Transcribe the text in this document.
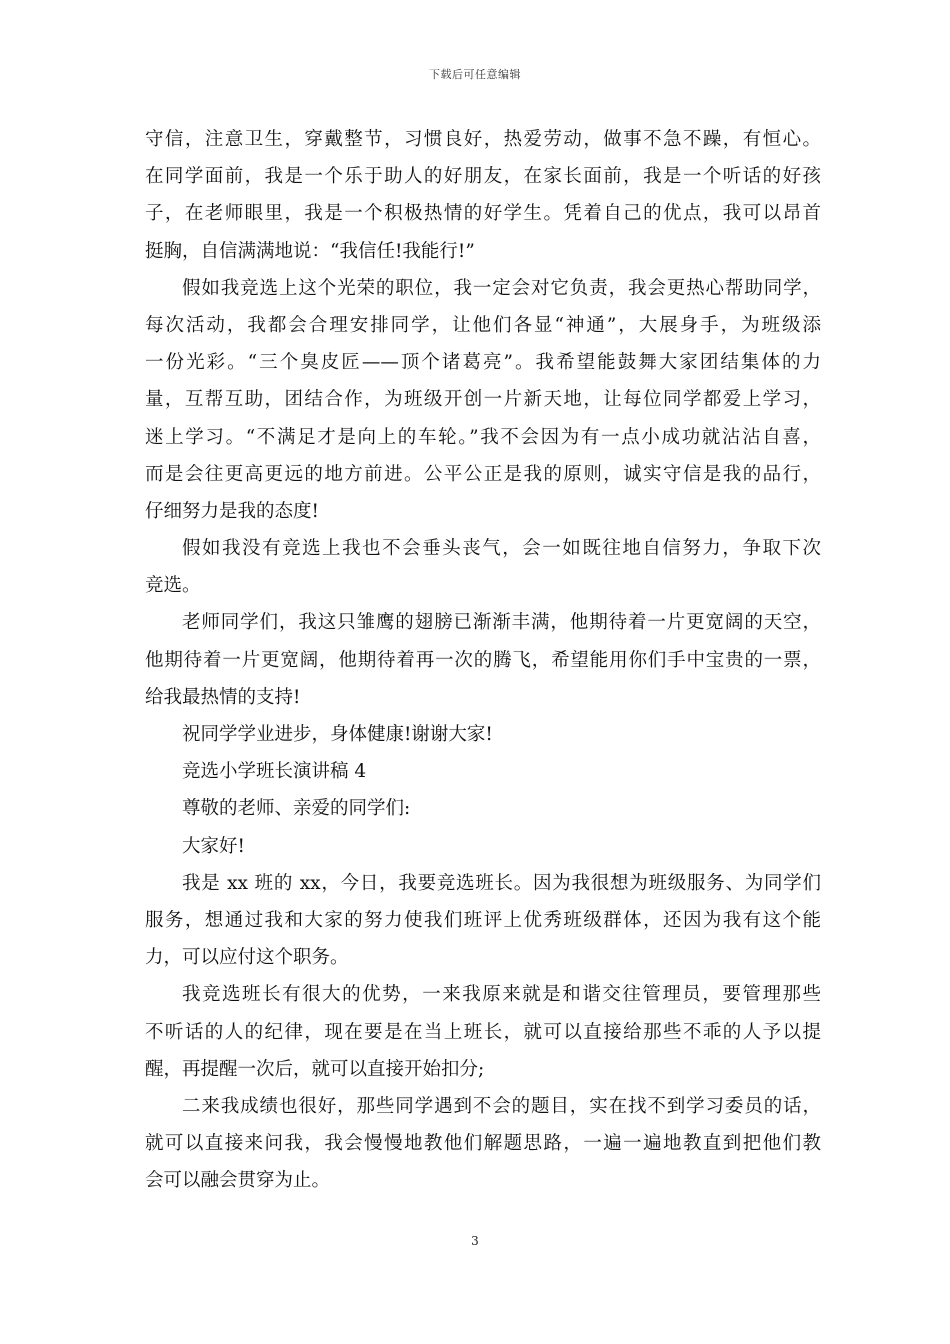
下载后可任意编辑
守信，注意卫生，穿戴整节，习惯良好，热爱劳动，做事不急不躁，有恒心。
在同学面前，我是一个乐于助人的好朋友，在家长面前，我是一个听话的好孩
子，在老师眼里，我是一个积极热情的好学生。凭着自己的优点，我可以昂首
挺胸，自信满满地说：“我信任!我能行!”
假如我竞选上这个光荣的职位，我一定会对它负责，我会更热心帮助同学，
每次活动，我都会合理安排同学，让他们各显“神通”，大展身手，为班级添
一份光彩。“三个臭皮匠——顶个诸葛亮”。我希望能鼓舞大家团结集体的力
量，互帮互助，团结合作，为班级开创一片新天地，让每位同学都爱上学习，
迷上学习。“不满足才是向上的车轮。”我不会因为有一点小成功就沾沾自喜，
而是会往更高更远的地方前进。公平公正是我的原则，诚实守信是我的品行，
仔细努力是我的态度!
假如我没有竞选上我也不会垂头丧气，会一如既往地自信努力，争取下次
竞选。
老师同学们，我这只雏鹰的翅膀已渐渐丰满，他期待着一片更宽阔的天空，
他期待着一片更宽阔，他期待着再一次的腾飞，希望能用你们手中宝贵的一票，
给我最热情的支持!
祝同学学业进步，身体健康!谢谢大家!
竞选小学班长演讲稿 4
尊敬的老师、亲爱的同学们:
大家好!
我是 xx 班的 xx，今日，我要竞选班长。因为我很想为班级服务、为同学们
服务，想通过我和大家的努力使我们班评上优秀班级群体，还因为我有这个能
力，可以应付这个职务。
我竞选班长有很大的优势，一来我原来就是和谐交往管理员，要管理那些
不听话的人的纪律，现在要是在当上班长，就可以直接给那些不乖的人予以提
醒，再提醒一次后，就可以直接开始扣分;
二来我成绩也很好，那些同学遇到不会的题目，实在找不到学习委员的话，
就可以直接来问我，我会慢慢地教他们解题思路，一遍一遍地教直到把他们教
会可以融会贯穿为止。
3
